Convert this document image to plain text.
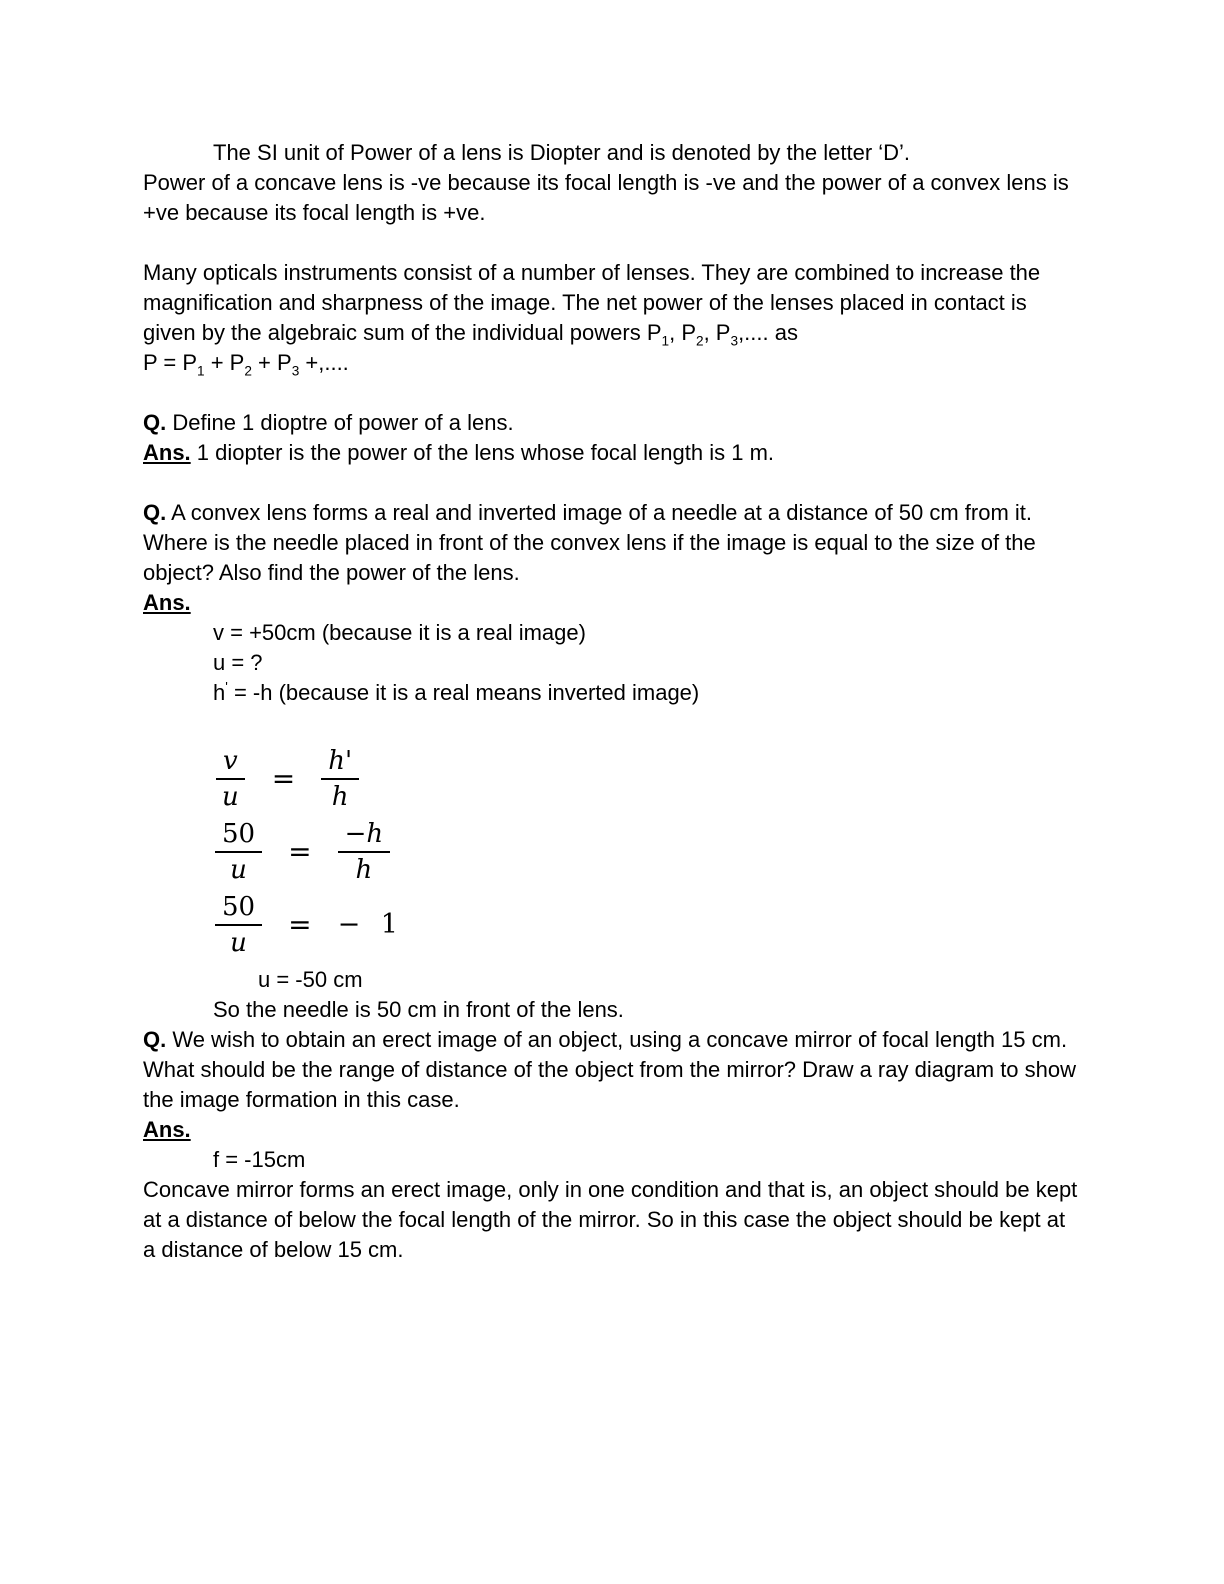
The SI unit of Power of a lens is Diopter and is denoted by the letter ‘D’.

Power of a concave lens is -ve because its focal length is -ve and the power of a convex lens is +ve because its focal length is +ve.

Many opticals instruments consist of a number of lenses. They are combined to increase the magnification and sharpness of the image. The net power of the lenses placed in contact is given by the algebraic sum of the individual powers $P_1$, $P_2$, $P_3$,.... as

$P = P_1 + P_2 + P_3$ +,....

Q. Define 1 dioptre of power of a lens.

Ans. 1 diopter is the power of the lens whose focal length is 1 m.

Q. A convex lens forms a real and inverted image of a needle at a distance of 50 cm from it. Where is the needle placed in front of the convex lens if the image is equal to the size of the object? Also find the power of the lens.

Ans.

v = +50cm (because it is a real image)

u = ?

h' = -h (because it is a real means inverted image)

$\frac{v}{u} = \frac{h'}{h}$
$\frac{50}{u} = \frac{-h}{h}$
$\frac{50}{u}$ = − 1

u = -50 cm

So the needle is 50 cm in front of the lens.

Q. We wish to obtain an erect image of an object, using a concave mirror of focal length 15 cm. What should be the range of distance of the object from the mirror? Draw a ray diagram to show the image formation in this case.

Ans.

f = -15cm

Concave mirror forms an erect image, only in one condition and that is, an object should be kept at a distance of below the focal length of the mirror. So in this case the object should be kept at a distance of below 15 cm.
